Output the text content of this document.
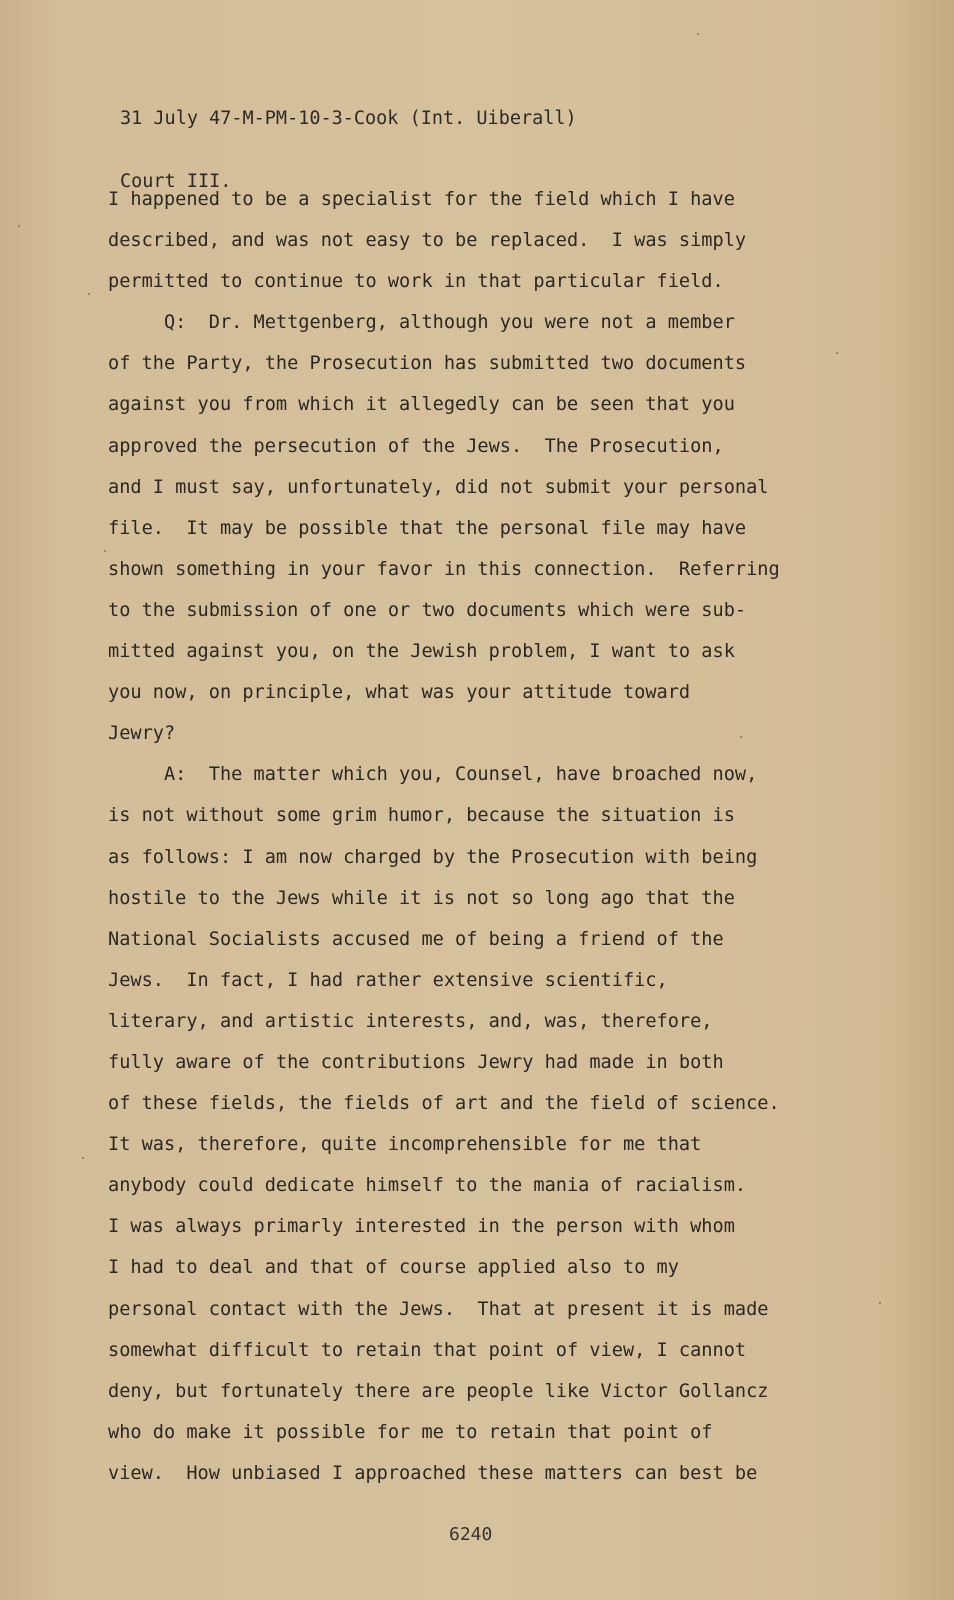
31 July 47-M-PM-10-3-Cook (Int. Uiberall)

Court III.

I happened to be a specialist for the field which I have
described, and was not easy to be replaced.  I was simply
permitted to continue to work in that particular field.
Q:  Dr. Mettgenberg, although you were not a member
of the Party, the Prosecution has submitted two documents
against you from which it allegedly can be seen that you
approved the persecution of the Jews.  The Prosecution,
and I must say, unfortunately, did not submit your personal
file.  It may be possible that the personal file may have
shown something in your favor in this connection.  Referring
to the submission of one or two documents which were sub-
mitted against you, on the Jewish problem, I want to ask
you now, on principle, what was your attitude toward
Jewry?
A:  The matter which you, Counsel, have broached now,
is not without some grim humor, because the situation is
as follows: I am now charged by the Prosecution with being
hostile to the Jews while it is not so long ago that the
National Socialists accused me of being a friend of the
Jews.  In fact, I had rather extensive scientific,
literary, and artistic interests, and, was, therefore,
fully aware of the contributions Jewry had made in both
of these fields, the fields of art and the field of science.
It was, therefore, quite incomprehensible for me that
anybody could dedicate himself to the mania of racialism.
I was always primarly interested in the person with whom
I had to deal and that of course applied also to my
personal contact with the Jews.  That at present it is made
somewhat difficult to retain that point of view, I cannot
deny, but fortunately there are people like Victor Gollancz
who do make it possible for me to retain that point of
view.  How unbiased I approached these matters can best be
6240
